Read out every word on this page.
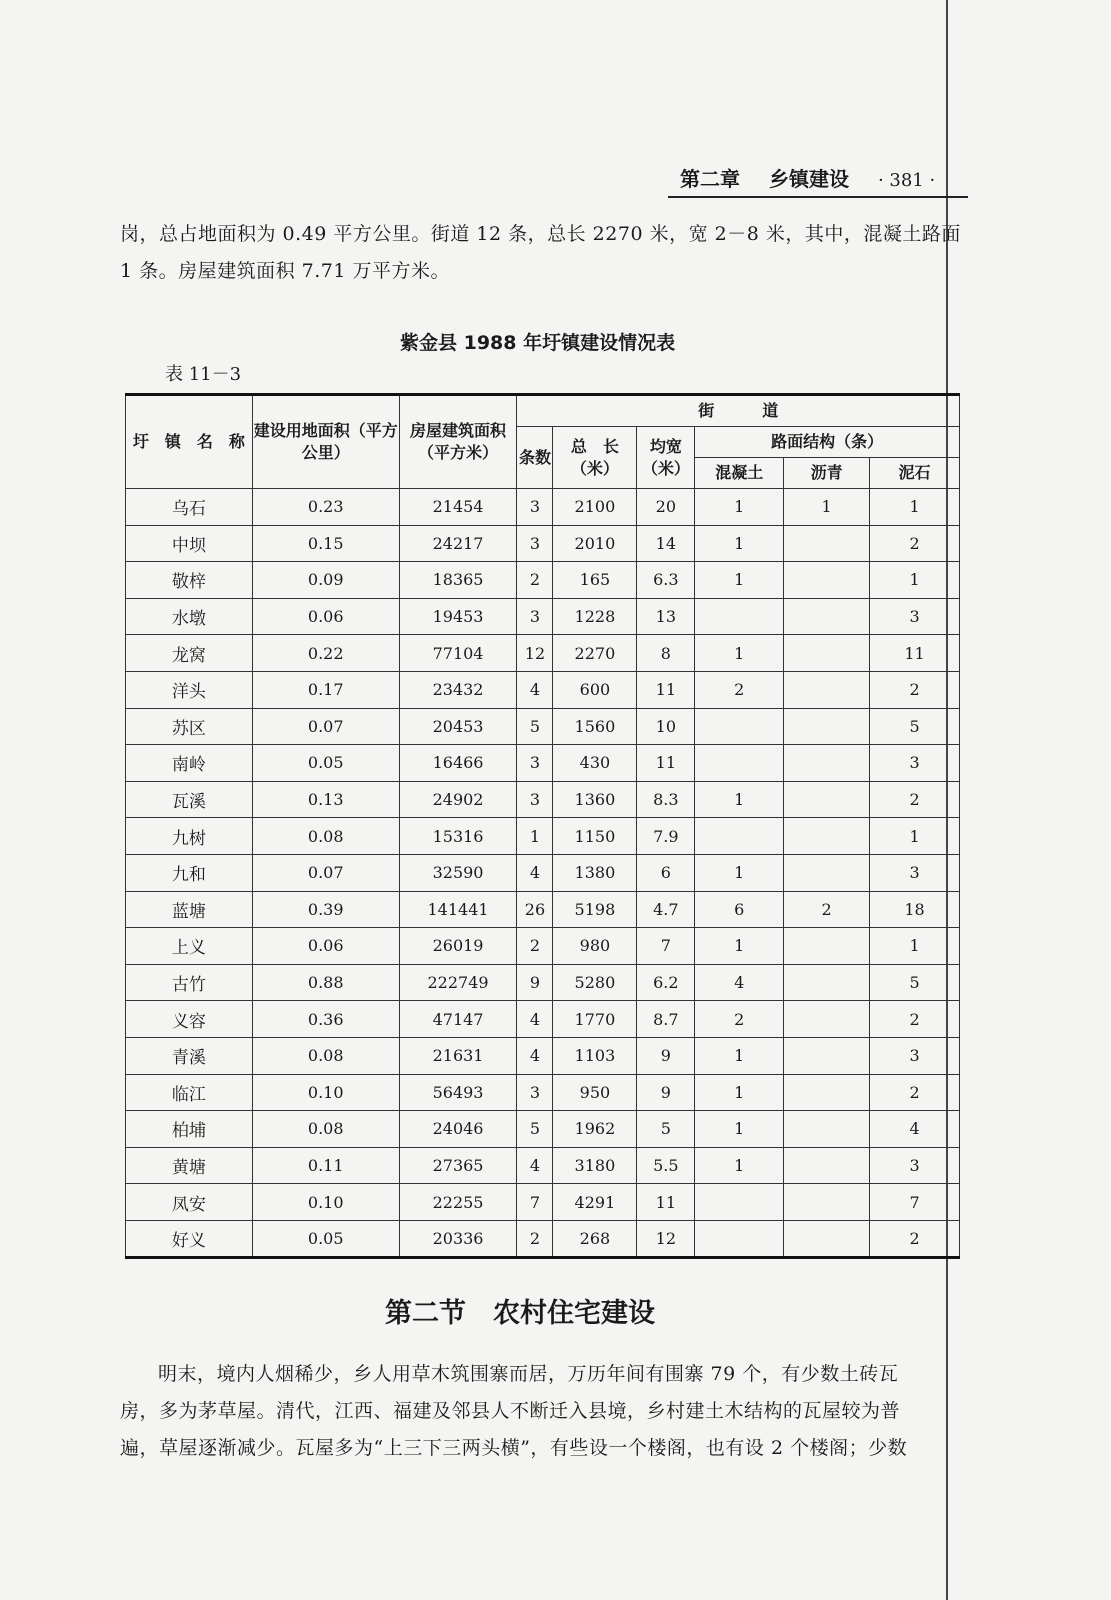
第二章 乡镇建设 · 381 ·

岗，总占地面积为 0.49 平方公里。街道 12 条，总长 2270 米，宽 2－8 米，其中，混凝土路面

1 条。房屋建筑面积 7.71 万平方米。

紫金县 1988 年圩镇建设情况表
表 11－3
圩　镇　名　称	建设用地面积（平方公里）	房屋建筑面积（平方米）	街　　　道					
			条数	总　长（米）	均宽（米）	路面结构（条）		
						混凝土	沥青	泥石
乌石	0.23	21454	3	2100	20	1	1	1
中坝	0.15	24217	3	2010	14	1		2
敬梓	0.09	18365	2	165	6.3	1		1
水墩	0.06	19453	3	1228	13			3
龙窝	0.22	77104	12	2270	8	1		11
洋头	0.17	23432	4	600	11	2		2
苏区	0.07	20453	5	1560	10			5
南岭	0.05	16466	3	430	11			3
瓦溪	0.13	24902	3	1360	8.3	1		2
九树	0.08	15316	1	1150	7.9			1
九和	0.07	32590	4	1380	6	1		3
蓝塘	0.39	141441	26	5198	4.7	6	2	18
上义	0.06	26019	2	980	7	1		1
古竹	0.88	222749	9	5280	6.2	4		5
义容	0.36	47147	4	1770	8.7	2		2
青溪	0.08	21631	4	1103	9	1		3
临江	0.10	56493	3	950	9	1		2
柏埔	0.08	24046	5	1962	5	1		4
黄塘	0.11	27365	4	3180	5.5	1		3
凤安	0.10	22255	7	4291	11			7
好义	0.05	20336	2	268	12			2
第二节　农村住宅建设

明末，境内人烟稀少，乡人用草木筑围寨而居，万历年间有围寨 79 个，有少数土砖瓦

房，多为茅草屋。清代，江西、福建及邻县人不断迁入县境，乡村建土木结构的瓦屋较为普

遍，草屋逐渐减少。瓦屋多为“上三下三两头横”，有些设一个楼阁，也有设 2 个楼阁；少数
